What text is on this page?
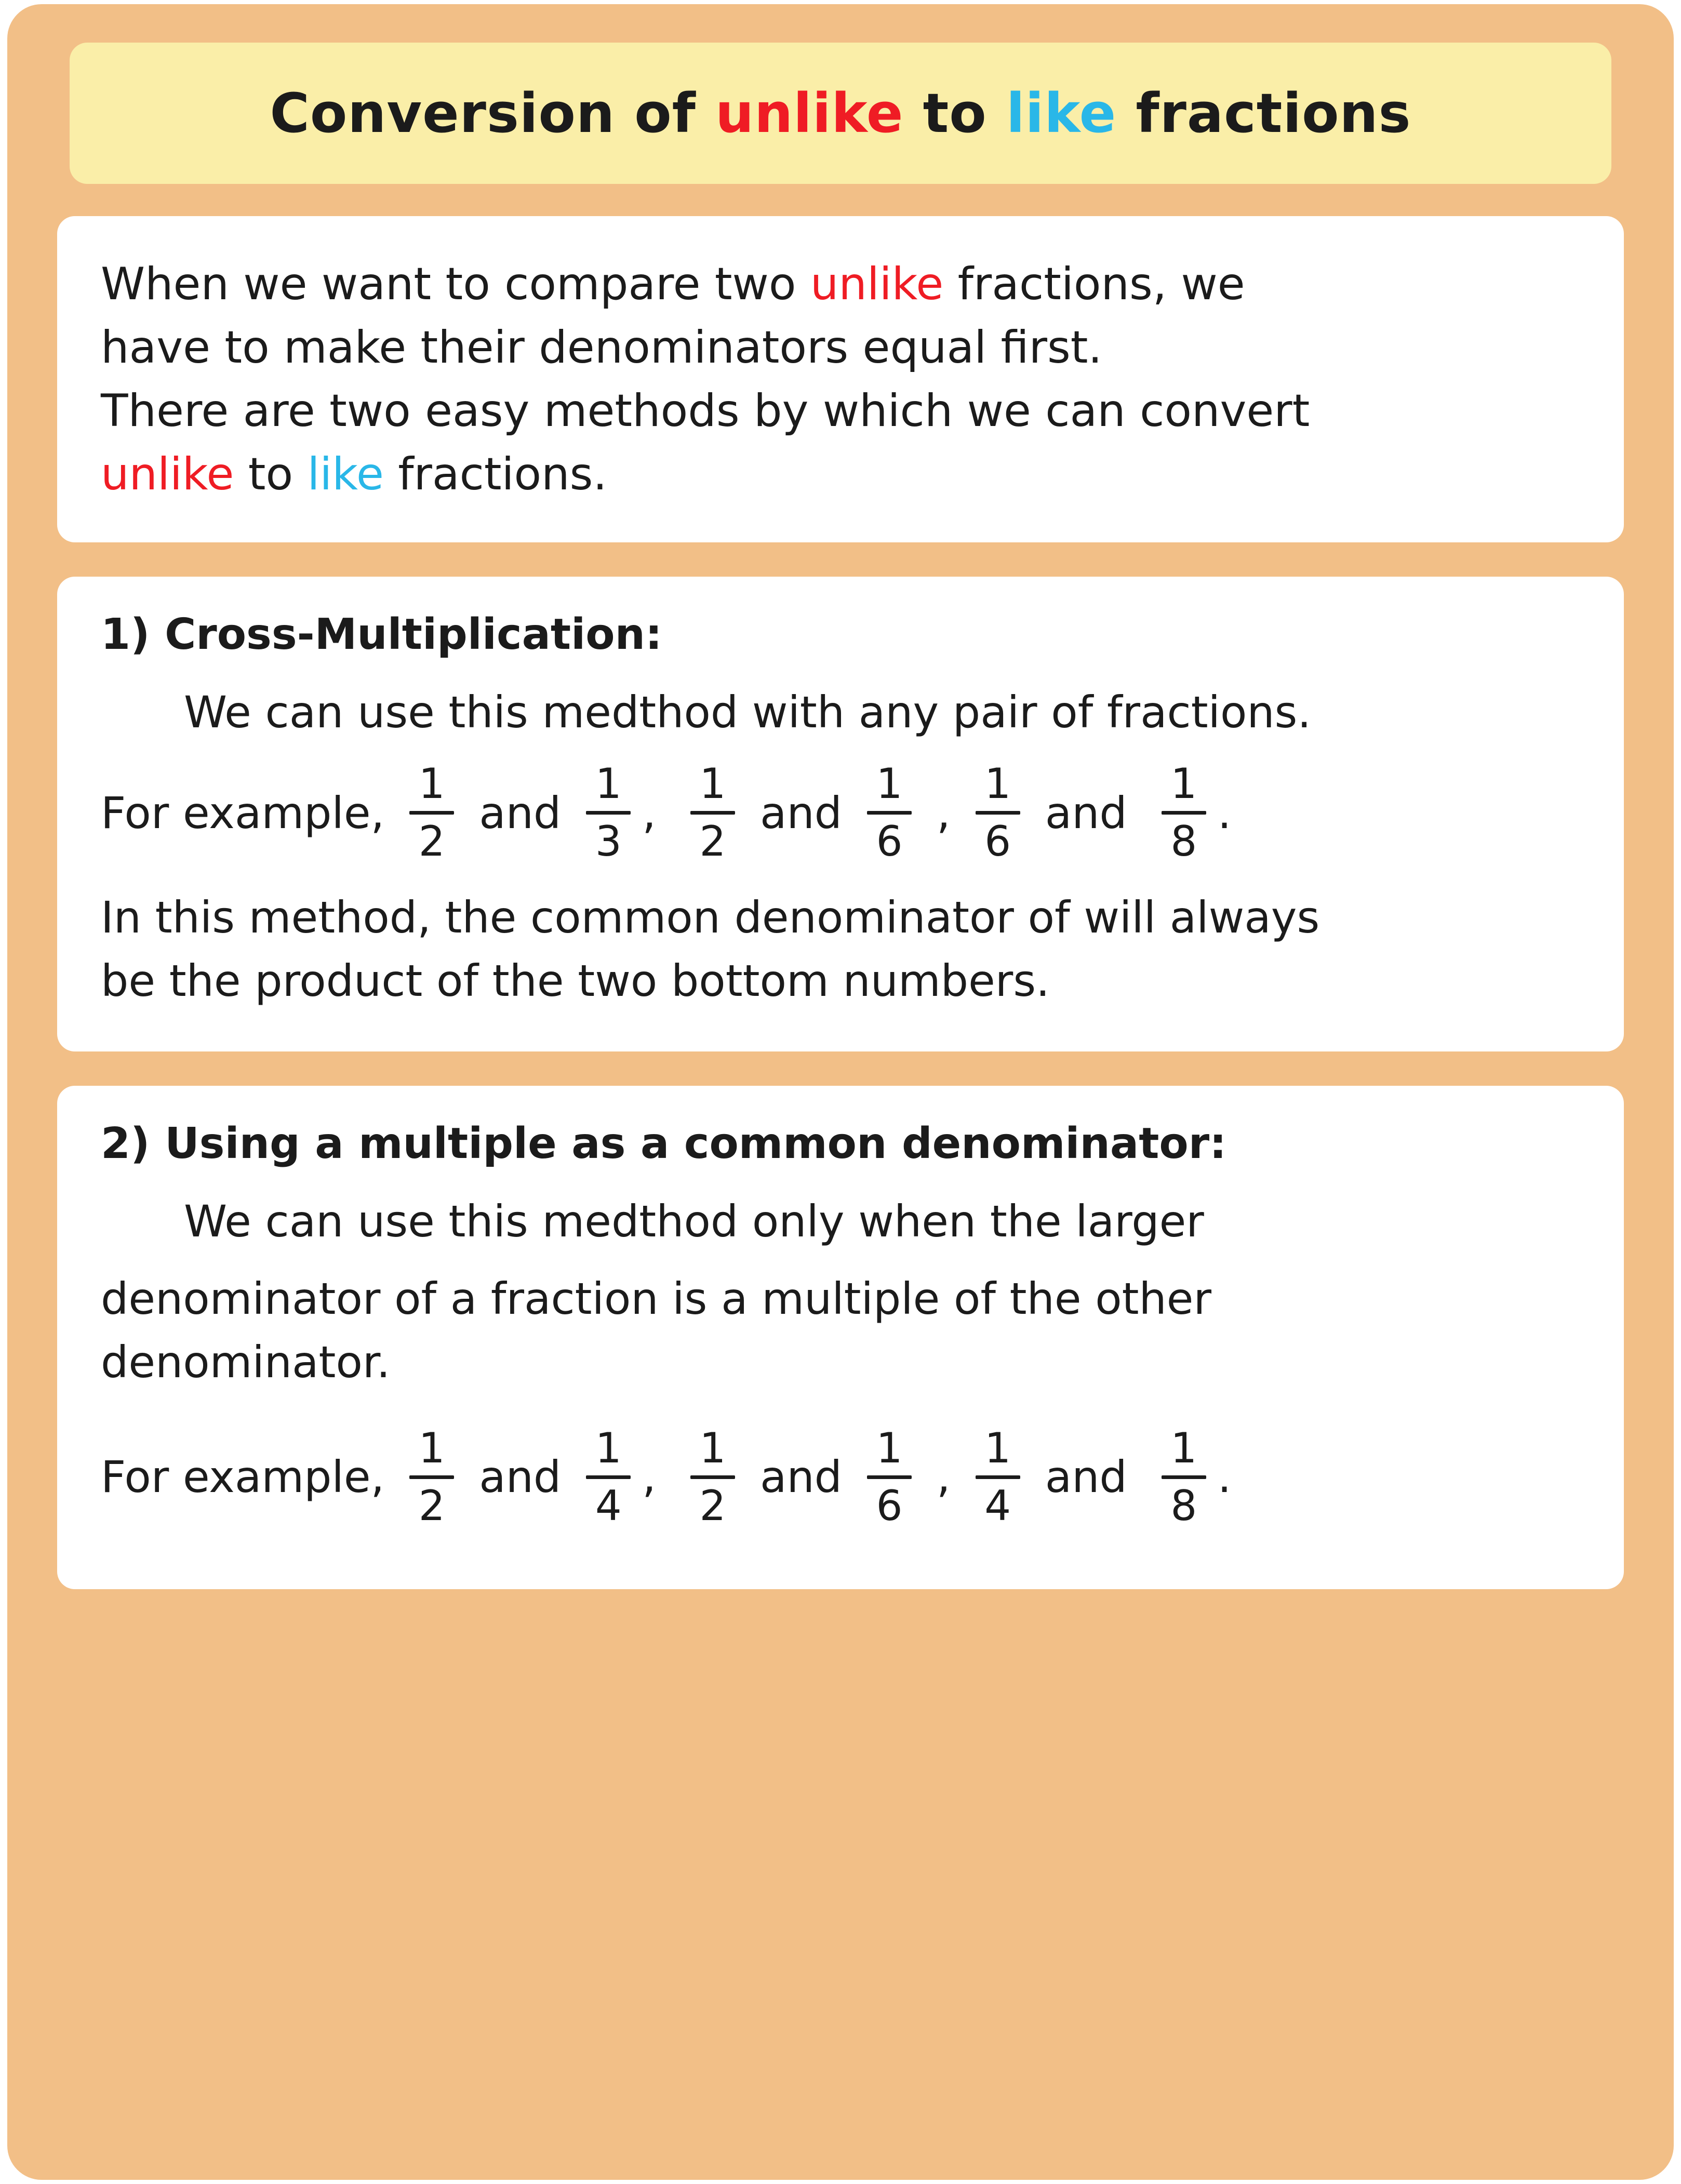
Conversion of unlike to like fractions
When we want to compare two unlike fractions, we
have to make their denominators equal first.
There are two easy methods by which we can convert
unlike to like fractions.
1) Cross-Multiplication:
We can use this medthod with any pair of fractions.
For example,
1
2
and
1
3
,
1
2
and
1
6
,
1
6
and
1
8
.
In this method, the common denominator of will always
be the product of the two bottom numbers.
2) Using a multiple as a common denominator:
We can use this medthod only when the larger
denominator of a fraction is a multiple of the other
denominator.
For example,
1
2
and
1
4
,
1
2
and
1
6
,
1
4
and
1
8
.
